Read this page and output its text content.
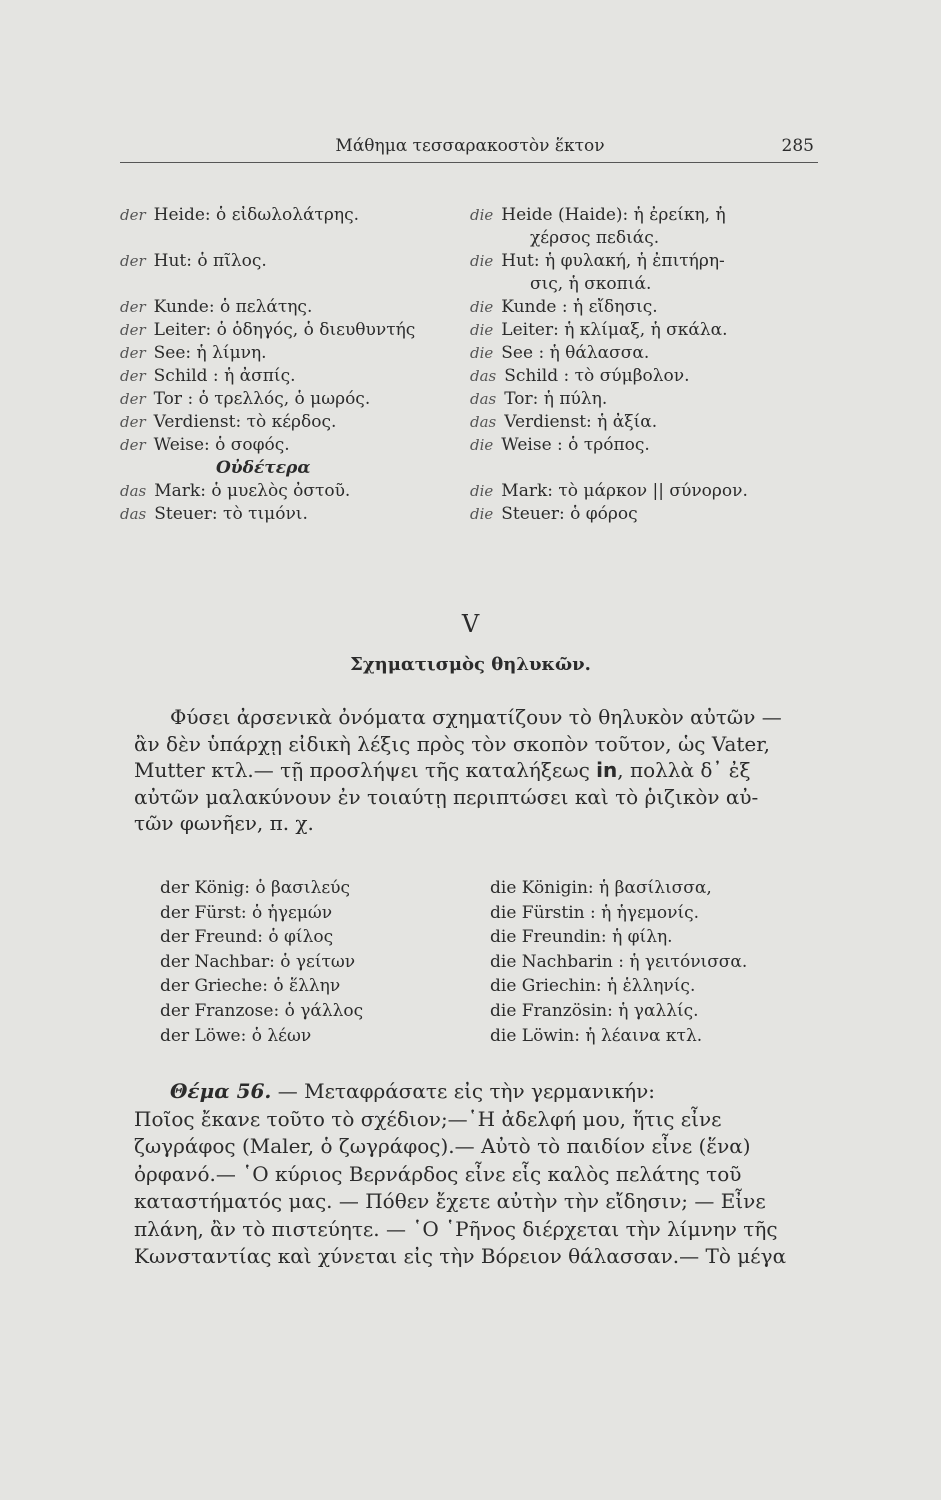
Μάθημα τεσσαρακοστὸν ἕκτον	285
der Heide: ὁ εἰδωλολάτρης.
der Hut: ὁ πῖλος.
der Kunde: ὁ πελάτης.
der Leiter: ὁ ὁδηγός, ὁ διευθυντής
der See: ἡ λίμνη.
der Schild : ἡ ἀσπίς.
der Tor : ὁ τρελλός, ὁ μωρός.
der Verdienst: τὸ κέρδος.
der Weise: ὁ σοφός.
Οὐδέτερα
das Mark: ὁ μυελὸς ὀστοῦ.
das Steuer: τὸ τιμόνι.
die Heide (Haide): ἡ ἐρείκη, ἡ
χέρσος πεδιάς.
die Hut: ἡ φυλακή, ἡ ἐπιτήρη-
σις, ἡ σκοπιά.
die Kunde : ἡ εἴδησις.
die Leiter: ἡ κλίμαξ, ἡ σκάλα.
die See : ἡ θάλασσα.
das Schild : τὸ σύμβολον.
das Tor: ἡ πύλη.
das Verdienst: ἡ ἀξία.
die Weise : ὁ τρόπος.
die Mark: τὸ μάρκον || σύνορον.
die Steuer: ὁ φόρος
V
Σχηματισμὸς θηλυκῶν.
Φύσει ἀρσενικὰ ὀνόματα σχηματίζουν τὸ θηλυκὸν αὐτῶν —
ἂν δὲν ὑπάρχῃ εἰδικὴ λέξις πρὸς τὸν σκοπὸν τοῦτον, ὡς Vater,
Mutter κτλ.— τῇ προσλήψει τῆς καταλήξεως in, πολλὰ δ᾽ ἐξ
αὐτῶν μαλακύνουν ἐν τοιαύτῃ περιπτώσει καὶ τὸ ῥιζικὸν αὐ-
τῶν φωνῆεν, π. χ.
der König: ὁ βασιλεύς
der Fürst: ὁ ἡγεμών
der Freund: ὁ φίλος
der Nachbar: ὁ γείτων
der Grieche: ὁ ἕλλην
der Franzose: ὁ γάλλος
der Löwe: ὁ λέων
die Königin: ἡ βασίλισσα,
die Fürstin : ἡ ἡγεμονίς.
die Freundin: ἡ φίλη.
die Nachbarin : ἡ γειτόνισσα.
die Griechin: ἡ ἑλληνίς.
die Französin: ἡ γαλλίς.
die Löwin: ἡ λέαινα κτλ.
Θέμα 56. — Μεταφράσατε εἰς τὴν γερμανικήν:
Ποῖος ἔκανε τοῦτο τὸ σχέδιον;—῾Η ἀδελφή μου, ἥτις εἶνε
ζωγράφος (Maler, ὁ ζωγράφος).— Αὐτὸ τὸ παιδίον εἶνε (ἕνα)
ὀρφανό.— ῾Ο κύριος Βερνάρδος εἶνε εἷς καλὸς πελάτης τοῦ
καταστήματός μας. — Πόθεν ἔχετε αὐτὴν τὴν εἴδησιν; — Εἶνε
πλάνη, ἂν τὸ πιστεύητε. — ῾Ο ῾Ρῆνος διέρχεται τὴν λίμνην τῆς
Κωνσταντίας καὶ χύνεται εἰς τὴν Βόρειον θάλασσαν.— Τὸ μέγα
